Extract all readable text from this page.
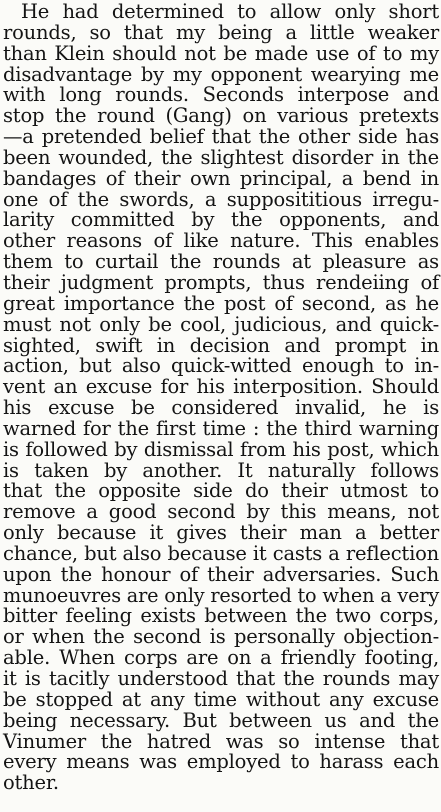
He had determined to allow only short
rounds, so that my being a little weaker
than Klein should not be made use of to my
disadvantage by my opponent wearying me
with long rounds. Seconds interpose and
stop the round (Gang) on various pretexts
—a pretended belief that the other side has
been wounded, the slightest disorder in the
bandages of their own principal, a bend in
one of the swords, a supposititious irregu-
larity committed by the opponents, and
other reasons of like nature. This enables
them to curtail the rounds at pleasure as
their judgment prompts, thus rendeiing of
great importance the post of second, as he
must not only be cool, judicious, and quick-
sighted, swift in decision and prompt in
action, but also quick-witted enough to in-
vent an excuse for his interposition. Should
his excuse be considered invalid, he is
warned for the first time : the third warning
is followed by dismissal from his post, which
is taken by another. It naturally follows
that the opposite side do their utmost to
remove a good second by this means, not
only because it gives their man a better
chance, but also because it casts a reflection
upon the honour of their adversaries. Such
munoeuvres are only resorted to when a very
bitter feeling exists between the two corps,
or when the second is personally objection-
able. When corps are on a friendly footing,
it is tacitly understood that the rounds may
be stopped at any time without any excuse
being necessary. But between us and the
Vinumer the hatred was so intense that
every means was employed to harass each
other.
